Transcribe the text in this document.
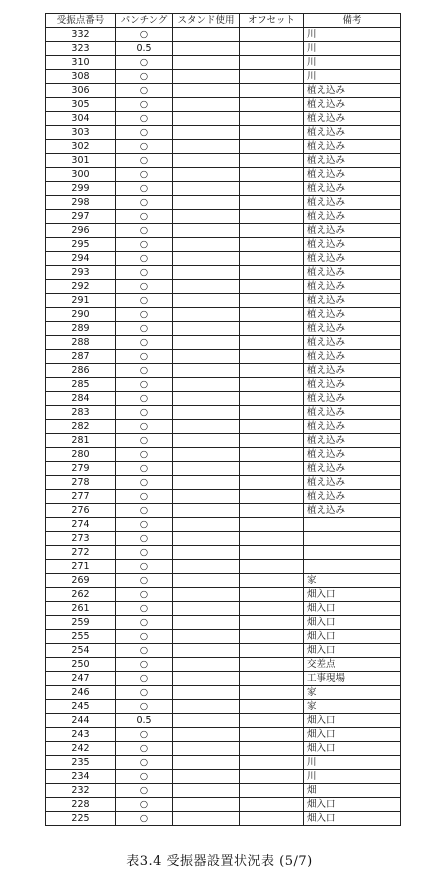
受振点番号	パンチング	スタンド使用	オフセット	備考
332	○			川
323	0.5			川
310	○			川
308	○			川
306	○			植え込み
305	○			植え込み
304	○			植え込み
303	○			植え込み
302	○			植え込み
301	○			植え込み
300	○			植え込み
299	○			植え込み
298	○			植え込み
297	○			植え込み
296	○			植え込み
295	○			植え込み
294	○			植え込み
293	○			植え込み
292	○			植え込み
291	○			植え込み
290	○			植え込み
289	○			植え込み
288	○			植え込み
287	○			植え込み
286	○			植え込み
285	○			植え込み
284	○			植え込み
283	○			植え込み
282	○			植え込み
281	○			植え込み
280	○			植え込み
279	○			植え込み
278	○			植え込み
277	○			植え込み
276	○			植え込み
274	○			
273	○			
272	○			
271	○			
269	○			家
262	○			畑入口
261	○			畑入口
259	○			畑入口
255	○			畑入口
254	○			畑入口
250	○			交差点
247	○			工事現場
246	○			家
245	○			家
244	0.5			畑入口
243	○			畑入口
242	○			畑入口
235	○			川
234	○			川
232	○			畑
228	○			畑入口
225	○			畑入口
表3.4 受振器設置状況表 (5/7)
